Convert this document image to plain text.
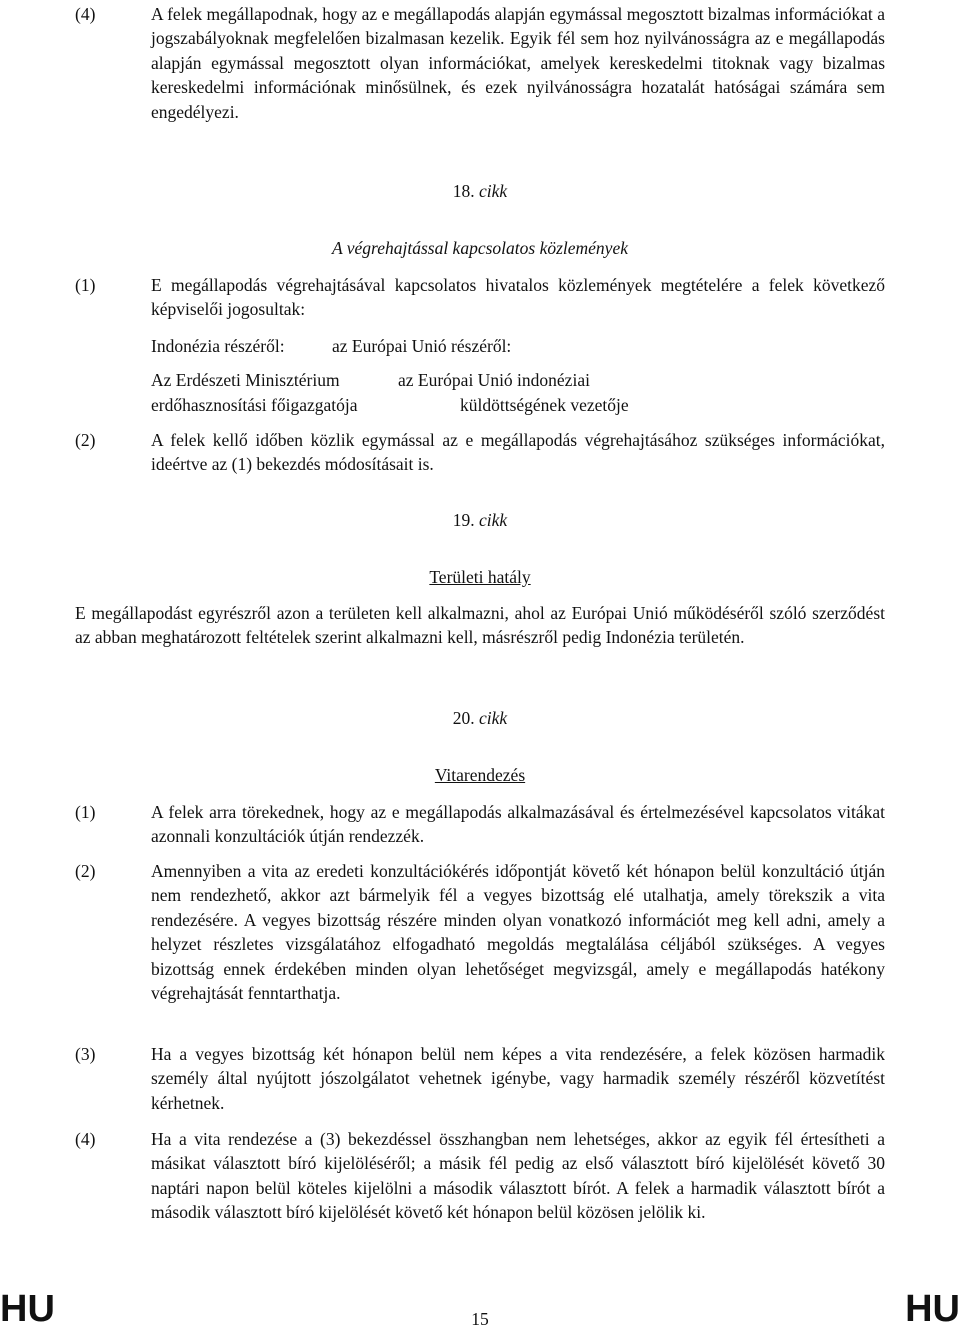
(4)	A felek megállapodnak, hogy az e megállapodás alapján egymással megosztott bizalmas információkat a jogszabályoknak megfelelően bizalmasan kezelik. Egyik fél sem hoz nyilvánosságra az e megállapodás alapján egymással megosztott olyan információkat, amelyek kereskedelmi titoknak vagy bizalmas kereskedelmi információnak minősülnek, és ezek nyilvánosságra hozatalát hatóságai számára sem engedélyezi.
18. cikk
A végrehajtással kapcsolatos közlemények
(1)	E megállapodás végrehajtásával kapcsolatos hivatalos közlemények megtételére a felek következő képviselői jogosultak:
Indonézia részéről:	az Európai Unió részéről:
Az Erdészeti Minisztérium	az Európai Unió indonéziai
erdőhasznosítási főigazgatója	küldöttségének vezetője
(2)	A felek kellő időben közlik egymással az e megállapodás végrehajtásához szükséges információkat, ideértve az (1) bekezdés módosításait is.
19. cikk
Területi hatály
E megállapodást egyrészről azon a területen kell alkalmazni, ahol az Európai Unió működéséről szóló szerződést az abban meghatározott feltételek szerint alkalmazni kell, másrészről pedig Indonézia területén.
20. cikk
Vitarendezés
(1)	A felek arra törekednek, hogy az e megállapodás alkalmazásával és értelmezésével kapcsolatos vitákat azonnali konzultációk útján rendezzék.
(2)	Amennyiben a vita az eredeti konzultációkérés időpontját követő két hónapon belül konzultáció útján nem rendezhető, akkor azt bármelyik fél a vegyes bizottság elé utalhatja, amely törekszik a vita rendezésére. A vegyes bizottság részére minden olyan vonatkozó információt meg kell adni, amely a helyzet részletes vizsgálatához elfogadható megoldás megtalálása céljából szükséges. A vegyes bizottság ennek érdekében minden olyan lehetőséget megvizsgál, amely e megállapodás hatékony végrehajtását fenntarthatja.
(3)	Ha a vegyes bizottság két hónapon belül nem képes a vita rendezésére, a felek közösen harmadik személy által nyújtott jószolgálatot vehetnek igénybe, vagy harmadik személy részéről közvetítést kérhetnek.
(4)	Ha a vita rendezése a (3) bekezdéssel összhangban nem lehetséges, akkor az egyik fél értesítheti a másikat választott bíró kijelöléséről; a másik fél pedig az első választott bíró kijelölését követő 30 naptári napon belül köteles kijelölni a második választott bírót. A felek a harmadik választott bírót a második választott bíró kijelölését követő két hónapon belül közösen jelölik ki.
HU	15	HU
